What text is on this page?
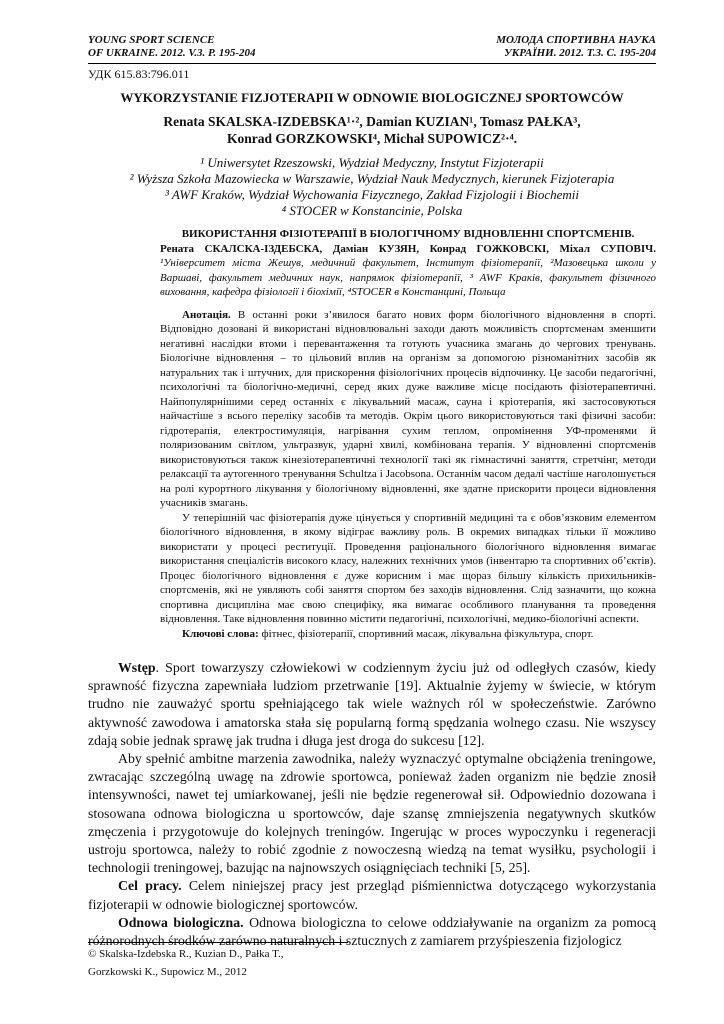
YOUNG SPORT SCIENCE
OF UKRAINE. 2012. V.3. P. 195-204
МОЛОДА СПОРТИВНА НАУКА
УКРАЇНИ. 2012. Т.3. С. 195-204
УДК 615.83:796.011
WYKORZYSTANIE FIZJOTERAPII W ODNOWIE BIOLOGICZNEJ SPORTOWCÓW
Renata SKALSKA-IZDEBSKA¹·², Damian KUZIAN¹, Tomasz PAŁKA³,
Konrad GORZKOWSKI⁴, Michał SUPOWICZ²·⁴.

¹ Uniwersytet Rzeszowski, Wydział Medyczny, Instytut Fizjoterapii

² Wyższa Szkoła Mazowiecka w Warszawie, Wydział Nauk Medycznych, kierunek Fizjoterapia

³ AWF Kraków, Wydział Wychowania Fizycznego, Zakład Fizjologii i Biochemii

⁴ STOCER w Konstancinie, Polska

ВИКОРИСТАННЯ ФІЗІОТЕРАПІЇ В БІОЛОГІЧНОМУ ВІДНОВЛЕННІ СПОРТСМЕНІВ.

Рената СКАЛСКА-ІЗДЕБСКА, Даміан КУЗЯН, Конрад ГОЖКОВСКІ, Міхал СУПОВІЧ. ¹Університет міста Жешув, медичний факультет, Інститут фізіотерапії, ²Мазовецька школи у Варшаві, факультет медичних наук, напрямок фізіотерапії, ³ AWF Кракiв, факультет фізичного виховання, кафедра фізіології і біохімії, ⁴STOCER в Констанцині, Польща

Анотація. В останні роки з’явилося багато нових форм біологічного відновлення в спорті. Відповідно дозовані й використані відновлювальні заходи дають можливість спортсменам зменшити негативні наслідки втоми і перевантаження та готують учасника змагань до чергових тренувань. Біологічне відновлення – то цільовий вплив на організм за допомогою різноманітних засобів як натуральних так і штучних, для прискорення фізіологічних процесів відпочинку. Це засоби педагогічні, психологічні та біологічно-медичні, серед яких дуже важливе місце посідають фізіотерапевтичні. Найпопулярнішими серед останніх є лікувальний масаж, сауна і кріотерапія, які застосовуються найчастіше з всього переліку засобів та методів. Окрім цього використовуються такі фізичні засоби: гідротерапія, електростимуляція, нагрівання сухим теплом, опромінення УФ-променями й поляризованим світлом, ультразвук, ударні хвилі, комбінована терапія. У відновленні спортсменів використовуються також кінезіотерапевтичні технології такі як гімнастичні заняття, стретчінг, методи релаксації та аутогенного тренування Schultza i Jacobsona. Останнім часом дедалі частіше наголошується на ролі курортного лікування у біологічному відновленні, яке здатне прискорити процеси відновлення учасників змагань.

У теперішній час фізіотерапія дуже цінується у спортивній медицині та є обов’язковим елементом біологічного відновлення, в якому відіграє важливу роль. В окремих випадках тільки її можливо використати у процесі реституції. Проведення раціонального біологічного відновлення вимагає використання спеціалістів високого класу, належних технічних умов (інвентарю та спортивних об’єктів). Процес біологічного відновлення є дуже корисним і має щораз більшу кількість прихильників-спортсменів, які не уявляють собі заняття спортом без заходів відновлення. Слід зазначити, що кожна спортивна дисципліна має свою специфіку, яка вимагає особливого планування та проведення відновлення. Таке відновлення повинно містити педагогічні, психологічні, медико-біологічні аспекти.

Ключові слова: фітнес, фізіотерапії, спортивний масаж, лікувальна фізкультура, спорт.

Wstęp. Sport towarzyszy człowiekowi w codziennym życiu już od odległych czasów, kiedy sprawność fizyczna zapewniała ludziom przetrwanie [19]. Aktualnie żyjemy w świecie, w którym trudno nie zauważyć sportu spełniającego tak wiele ważnych ról w społeczeństwie. Zarówno aktywność zawodowa i amatorska stała się popularną formą spędzania wolnego czasu. Nie wszyscy zdają sobie jednak sprawę jak trudna i długa jest droga do sukcesu [12].

Aby spełnić ambitne marzenia zawodnika, należy wyznaczyć optymalne obciążenia treningowe, zwracając szczególną uwagę na zdrowie sportowca, ponieważ żaden organizm nie będzie znosił intensywności, nawet tej umiarkowanej, jeśli nie będzie regenerował sił. Odpowiednio dozowana i stosowana odnowa biologiczna u sportowców, daje szansę zmniejszenia negatywnych skutków zmęczenia i przygotowuje do kolejnych treningów. Ingerując w proces wypoczynku i regeneracji ustroju sportowca, należy to robić zgodnie z nowoczesną wiedzą na temat wysiłku, psychologii i technologii treningowej, bazując na najnowszych osiągnięciach techniki [5, 25].

Cel pracy. Celem niniejszej pracy jest przegląd piśmiennictwa dotyczącego wykorzystania fizjoterapii w odnowie biologicznej sportowców.

Odnowa biologiczna. Odnowa biologiczna to celowe oddziaływanie na organizm za pomocą różnorodnych środków zarówno naturalnych i sztucznych z zamiarem przyśpieszenia fizjologicz

© Skalska-Izdebska R., Kuzian D., Pałka T.,
Gorzkowski K., Supowicz M., 2012
